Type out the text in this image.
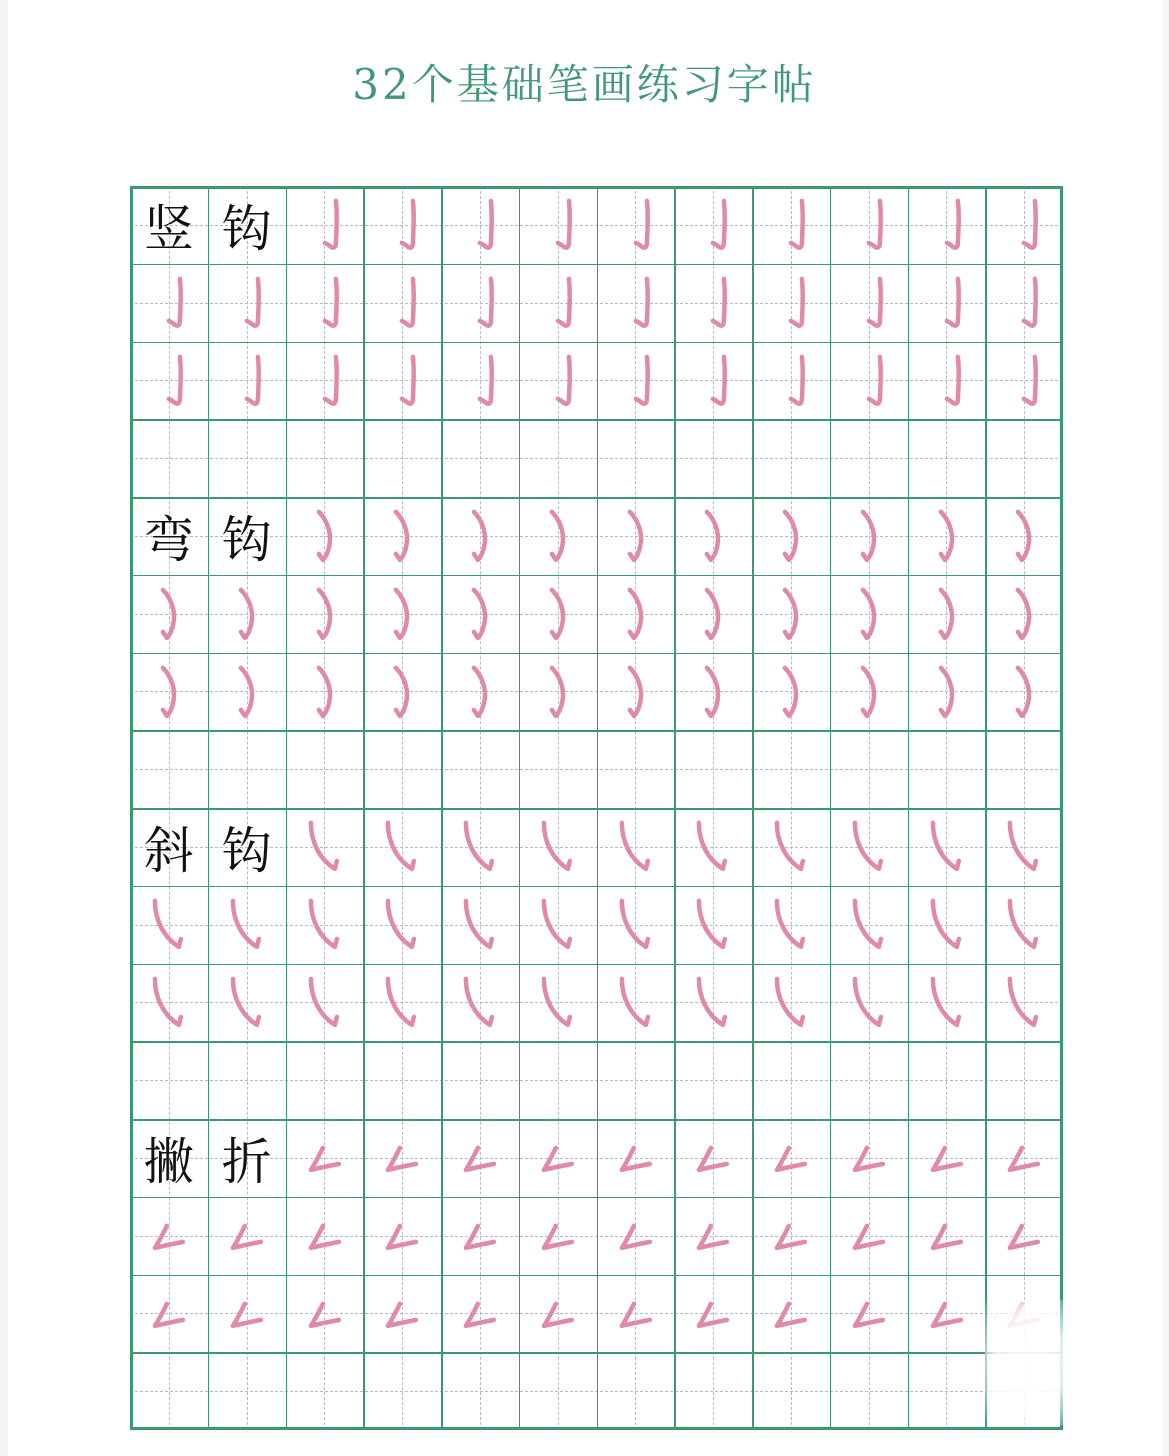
32个基础笔画练习字帖
竖 钩
弯 钩
斜 钩
撇 折
